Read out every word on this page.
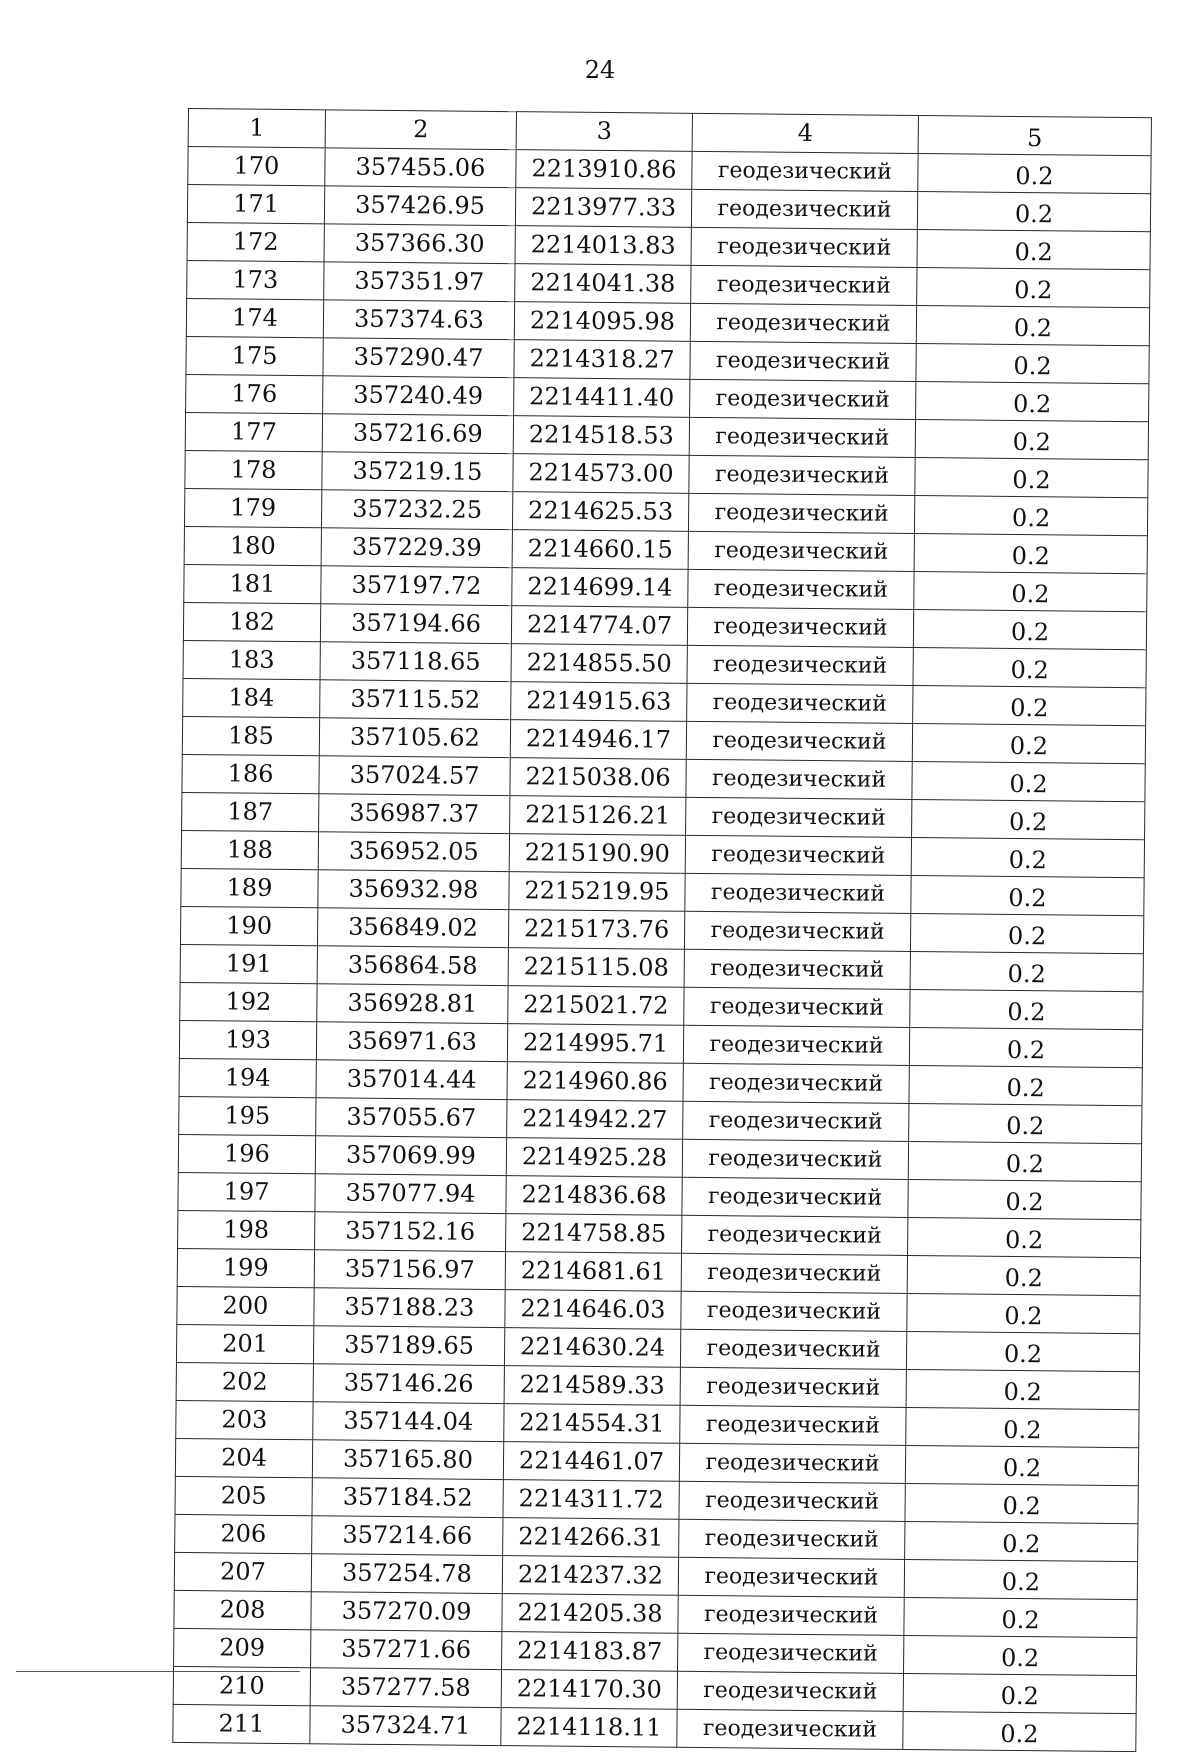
24
1	2	3	4	5
170	357455.06	2213910.86	геодезический	0.2
171	357426.95	2213977.33	геодезический	0.2
172	357366.30	2214013.83	геодезический	0.2
173	357351.97	2214041.38	геодезический	0.2
174	357374.63	2214095.98	геодезический	0.2
175	357290.47	2214318.27	геодезический	0.2
176	357240.49	2214411.40	геодезический	0.2
177	357216.69	2214518.53	геодезический	0.2
178	357219.15	2214573.00	геодезический	0.2
179	357232.25	2214625.53	геодезический	0.2
180	357229.39	2214660.15	геодезический	0.2
181	357197.72	2214699.14	геодезический	0.2
182	357194.66	2214774.07	геодезический	0.2
183	357118.65	2214855.50	геодезический	0.2
184	357115.52	2214915.63	геодезический	0.2
185	357105.62	2214946.17	геодезический	0.2
186	357024.57	2215038.06	геодезический	0.2
187	356987.37	2215126.21	геодезический	0.2
188	356952.05	2215190.90	геодезический	0.2
189	356932.98	2215219.95	геодезический	0.2
190	356849.02	2215173.76	геодезический	0.2
191	356864.58	2215115.08	геодезический	0.2
192	356928.81	2215021.72	геодезический	0.2
193	356971.63	2214995.71	геодезический	0.2
194	357014.44	2214960.86	геодезический	0.2
195	357055.67	2214942.27	геодезический	0.2
196	357069.99	2214925.28	геодезический	0.2
197	357077.94	2214836.68	геодезический	0.2
198	357152.16	2214758.85	геодезический	0.2
199	357156.97	2214681.61	геодезический	0.2
200	357188.23	2214646.03	геодезический	0.2
201	357189.65	2214630.24	геодезический	0.2
202	357146.26	2214589.33	геодезический	0.2
203	357144.04	2214554.31	геодезический	0.2
204	357165.80	2214461.07	геодезический	0.2
205	357184.52	2214311.72	геодезический	0.2
206	357214.66	2214266.31	геодезический	0.2
207	357254.78	2214237.32	геодезический	0.2
208	357270.09	2214205.38	геодезический	0.2
209	357271.66	2214183.87	геодезический	0.2
210	357277.58	2214170.30	геодезический	0.2
211	357324.71	2214118.11	геодезический	0.2
